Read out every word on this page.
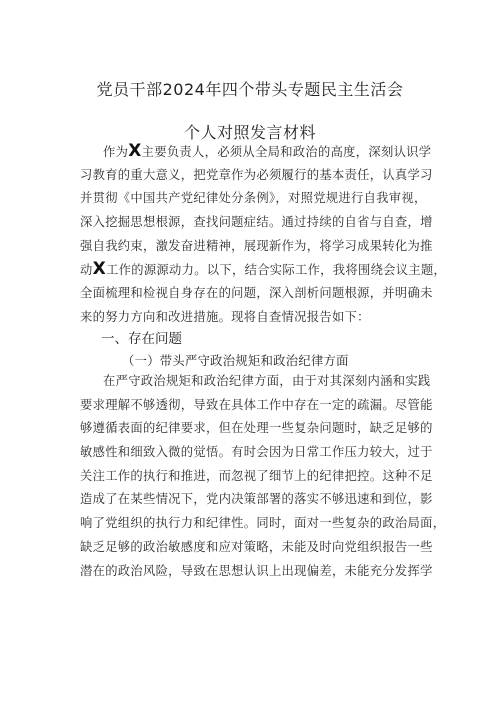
党员干部2024年四个带头专题民主生活会
个人对照发言材料
作为X主要负责人，必须从全局和政治的高度，深刻认识学
习教育的重大意义，把党章作为必须履行的基本责任，认真学习
并贯彻《中国共产党纪律处分条例》，对照党规进行自我审视，
深入挖掘思想根源，查找问题症结。通过持续的自省与自查，增
强自我约束，激发奋进精神，展现新作为，将学习成果转化为推
动X工作的源源动力。以下，结合实际工作，我将围绕会议主题，
全面梳理和检视自身存在的问题，深入剖析问题根源，并明确未
来的努力方向和改进措施。现将自查情况报告如下：
一、存在问题
（一）带头严守政治规矩和政治纪律方面
在严守政治规矩和政治纪律方面，由于对其深刻内涵和实践
要求理解不够透彻，导致在具体工作中存在一定的疏漏。尽管能
够遵循表面的纪律要求，但在处理一些复杂问题时，缺乏足够的
敏感性和细致入微的觉悟。有时会因为日常工作压力较大，过于
关注工作的执行和推进，而忽视了细节上的纪律把控。这种不足
造成了在某些情况下，党内决策部署的落实不够迅速和到位，影
响了党组织的执行力和纪律性。同时，面对一些复杂的政治局面，
缺乏足够的政治敏感度和应对策略，未能及时向党组织报告一些
潜在的政治风险，导致在思想认识上出现偏差，未能充分发挥学
